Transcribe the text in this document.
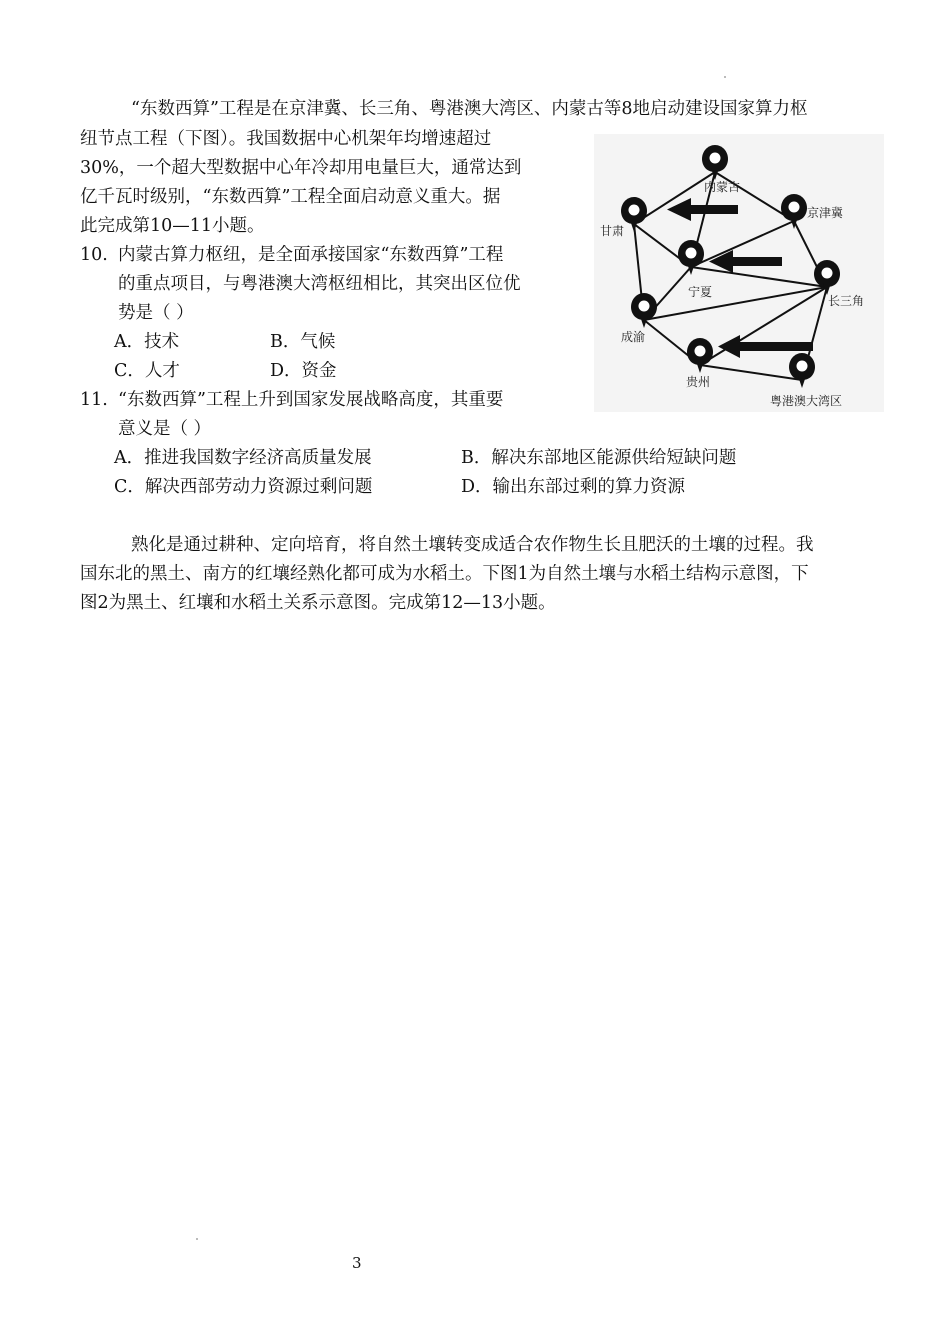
“东数西算”工程是在京津冀、长三角、粤港澳大湾区、内蒙古等8地启动建设国家算力枢
纽节点工程（下图）。我国数据中心机架年均增速超过
30%，一个超大型数据中心年冷却用电量巨大，通常达到
亿千瓦时级别，“东数西算”工程全面启动意义重大。据
此完成第10—11小题。
10. 内蒙古算力枢纽，是全面承接国家“东数西算”工程
的重点项目，与粤港澳大湾枢纽相比，其突出区位优
势是（ ）
A．技术	B．气候
C．人才	D．资金
11. “东数西算”工程上升到国家发展战略高度，其重要
意义是（ ）
A．推进我国数字经济高质量发展	B．解决东部地区能源供给短缺问题
C．解决西部劳动力资源过剩问题	D．输出东部过剩的算力资源
熟化是通过耕种、定向培育，将自然土壤转变成适合农作物生长且肥沃的土壤的过程。我
国东北的黑土、南方的红壤经熟化都可成为水稻土。下图1为自然土壤与水稻土结构示意图，下
图2为黑土、红壤和水稻土关系示意图。完成第12—13小题。
内蒙古
京津冀
甘肃
宁夏
长三角
成渝
贵州
粤港澳大湾区
3
